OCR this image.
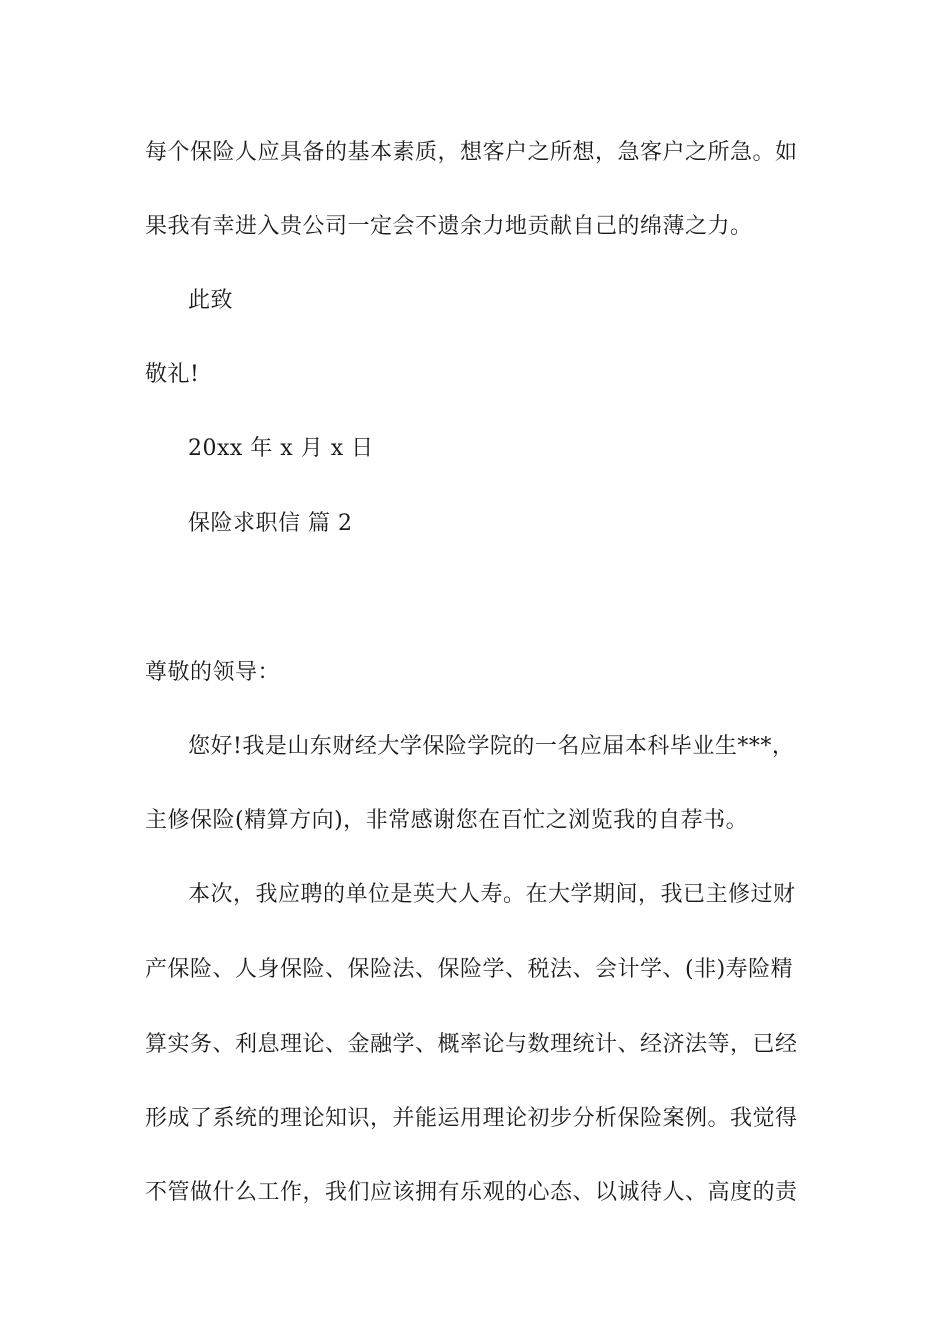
每个保险人应具备的基本素质，想客户之所想，急客户之所急。如
果我有幸进入贵公司一定会不遗余力地贡献自己的绵薄之力。
此致
敬礼!
20xx 年 x 月 x 日
保险求职信 篇 2
尊敬的领导：
您好!我是山东财经大学保险学院的一名应届本科毕业生***，
主修保险(精算方向)，非常感谢您在百忙之浏览我的自荐书。
本次，我应聘的单位是英大人寿。在大学期间，我已主修过财
产保险、人身保险、保险法、保险学、税法、会计学、(非)寿险精
算实务、利息理论、金融学、概率论与数理统计、经济法等，已经
形成了系统的理论知识，并能运用理论初步分析保险案例。我觉得
不管做什么工作，我们应该拥有乐观的心态、以诚待人、高度的责
